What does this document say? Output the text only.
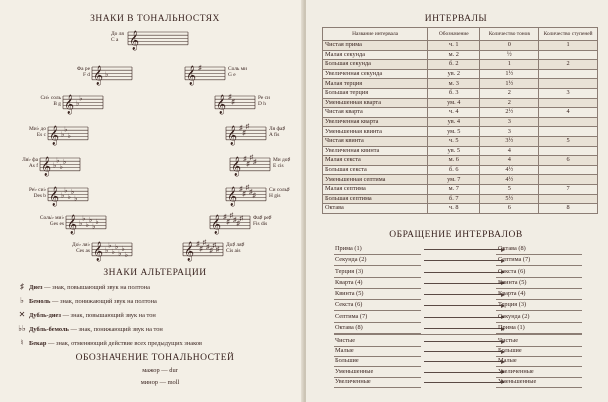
ЗНАКИ В ТОНАЛЬНОСТЯХ
𝄞
𝄞 ♭	𝄞 ♯
𝄞 ♭
♭	𝄞 ♯
♯
𝄞 ♭
♭
♭	𝄞 ♯
♯
♯
𝄞 ♭
♭
♭
♭	𝄞 ♯
♯
♯
♯
𝄞 ♭
♭
♭
♭
♭	𝄞 ♯
♯
♯
♯ ♯
𝄞 ♭
♭
♭
♭
♭
♭	𝄞 ♯
♯
♯
♯ ♯
♯
𝄞 ♭
♭
♭
♭
♭
♭
♭	𝄞 ♯
♯
♯
♯ ♯
♯ ♯
До ля
C a
Фа ре
F d
Соль ми
G e
Си♭ соль
B g
Ре си
D h
Ми♭ до
Es c
Ля фа♯
A fis
Ля♭ фа
As f
Ми до♯
E cis
Ре♭ си♭
Des b
Си соль♯
H gis
Соль♭ ми♭
Ges es
Фа♯ ре♯
Fis dis
До♭ ля♭
Ces as
До♯ ля♯
Cis ais
ЗНАКИ АЛЬТЕРАЦИИ
♯ Диез — знак, повышающий звук на полтона
♭ Бемоль — знак, понижающий звук на полтона
✕ Дубль-диез — знак, повышающий звук на тон
♭♭ Дубль-бемоль — знак, понижающий звук на тон
♮ Бекар — знак, отменяющий действие всех предыдущих знаков
ОБОЗНАЧЕНИЕ ТОНАЛЬНОСТЕЙ
мажор — dur
минор — moll
ИНТЕРВАЛЫ
Название интервала	Обозначение	Количество тонов	Количество ступеней
Чистая прима	ч. 1	0	1
Малая секунда	м. 2	½	
Большая секунда	б. 2	1	2
Увеличенная секунда	ув. 2	1½	
Малая терция	м. 3	1½	
Большая терция	б. 3	2	3
Уменьшенная кварта	ум. 4	2	
Чистая кварта	ч. 4	2½	4
Увеличенная кварта	ув. 4	3	
Уменьшенная квинта	ум. 5	3	
Чистая квинта	ч. 5	3½	5
Увеличенная квинта	ув. 5	4	
Малая секста	м. 6	4	6
Большая секста	б. 6	4½	
Уменьшенная септима	ум. 7	4½	
Малая септима	м. 7	5	7
Большая септима	б. 7	5½	
Октава	ч. 8	6	8
ОБРАЩЕНИЕ ИНТЕРВАЛОВ
Прима (1)	Октава (8)
Секунда (2)	Септима (7)
Терция (3)	Секста (6)
Кварта (4)	Квинта (5)
Квинта (5)	Кварта (4)
Секста (6)	Терция (3)
Септима (7)	Секунда (2)
Октава (8)	Прима (1)
Чистые	Чистые
Малые	Большие
Большие	Малые
Уменьшенные	Увеличенные
Увеличенные	Уменьшенные
